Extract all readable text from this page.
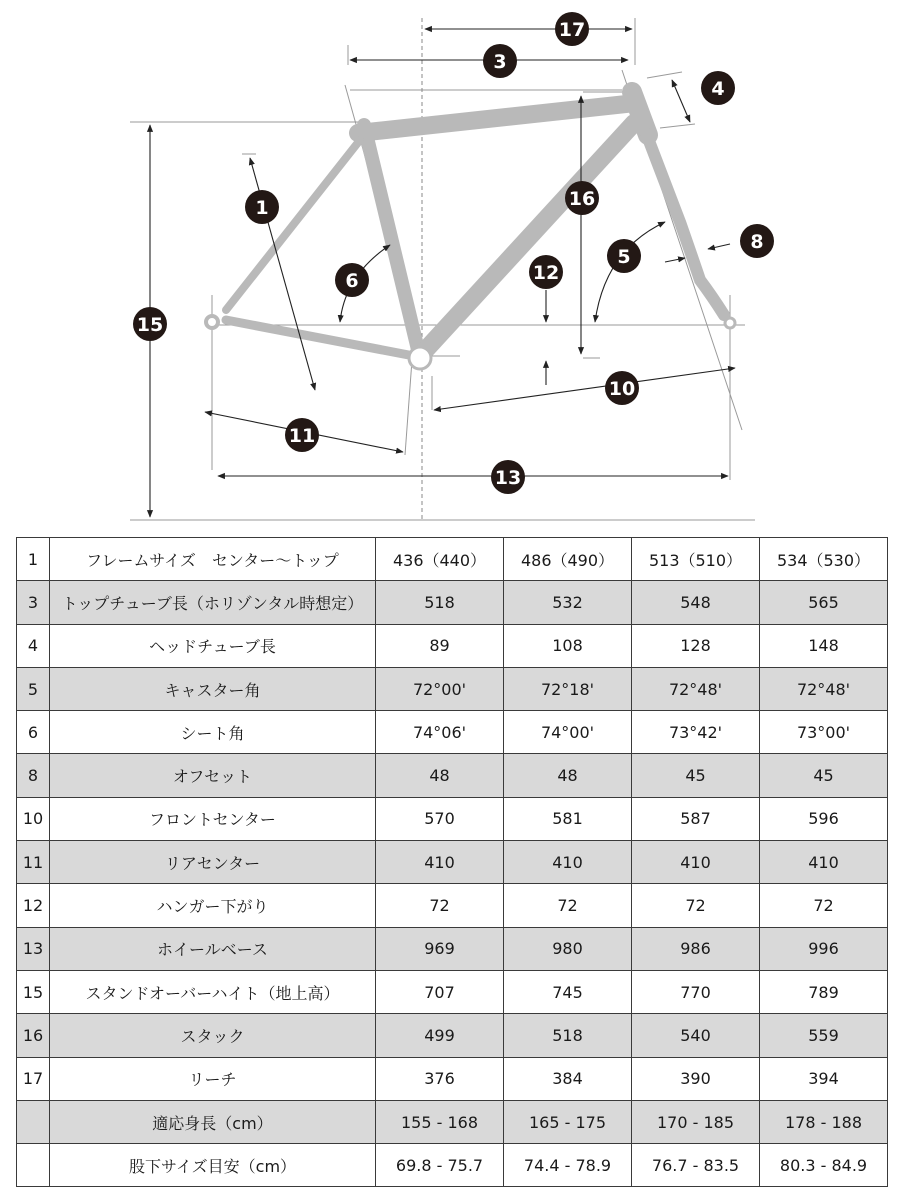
1
3
4
5
6
8
10
11
12
13
15
16
17
1	フレームサイズ　センター〜トップ	436（440）	486（490）	513（510）	534（530）
3	トップチューブ長（ホリゾンタル時想定）	518	532	548	565
4	ヘッドチューブ長	89	108	128	148
5	キャスター角	72°00'	72°18'	72°48'	72°48'
6	シート角	74°06'	74°00'	73°42'	73°00'
8	オフセット	48	48	45	45
10	フロントセンター	570	581	587	596
11	リアセンター	410	410	410	410
12	ハンガー下がり	72	72	72	72
13	ホイールベース	969	980	986	996
15	スタンドオーバーハイト（地上高）	707	745	770	789
16	スタック	499	518	540	559
17	リーチ	376	384	390	394
	適応身長（cm）	155 - 168	165 - 175	170 - 185	178 - 188
	股下サイズ目安（cm）	69.8 - 75.7	74.4 - 78.9	76.7 - 83.5	80.3 - 84.9
